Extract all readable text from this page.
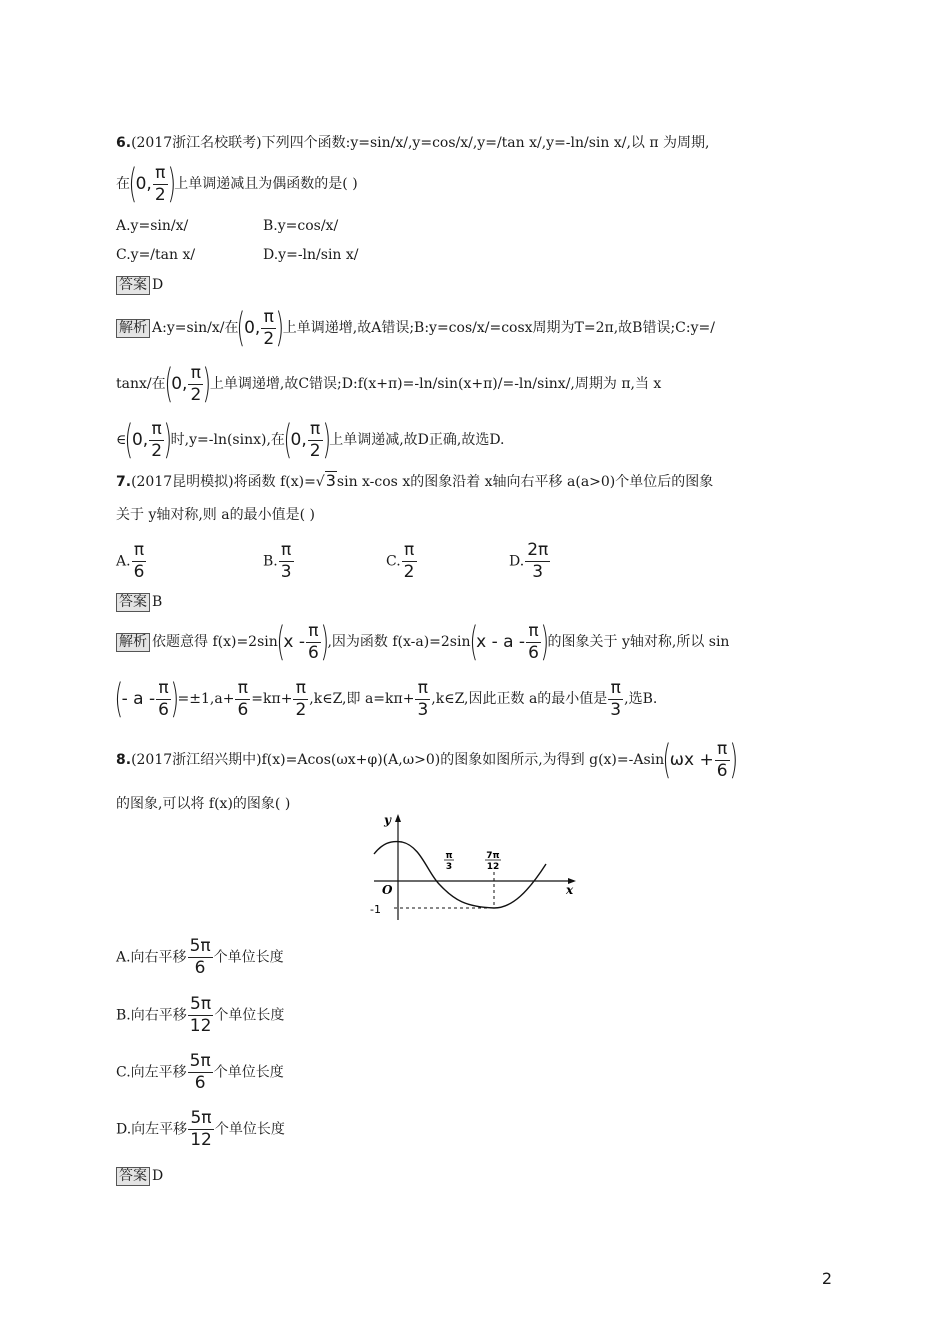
6.(2017浙江名校联考)下列四个函数:y=sin/x/,y=cos/x/,y=/tan x/,y=-ln/sin x/,以 π 为周期,
在(0, $\frac{\pi}{2}$ )上单调递减且为偶函数的是( )
A.y=sin/x/	B.y=cos/x/
C.y=/tan x/	D.y=-ln/sin x/
答案 D
解析 A:y=sin/x/在(0, $\frac{\pi}{2}$ )上单调递增,故A错误;B:y=cos/x/=cosx周期为T=2π,故B错误;C:y=/
tanx/在(0, $\frac{\pi}{2}$ )上单调递增,故C错误;D:f(x+π)=-ln/sin(x+π)/=-ln/sinx/,周期为 π,当 x
∈(0, $\frac{\pi}{2}$ )时,y=-ln(sinx),在(0, $\frac{\pi}{2}$ )上单调递减,故D正确,故选D.
7.(2017昆明模拟)将函数 f(x)=√3sin x-cos x的图象沿着 x轴向右平移 a(a>0)个单位后的图象
关于 y轴对称,则 a的最小值是( )
A. $\frac{\pi}{6}$	B. $\frac{\pi}{3}$	C. $\frac{\pi}{2}$	D. $\frac{2\pi}{3}$
答案 B
解析 依题意得 $f(x)=2\sin(x - \frac{\pi}{6}$ ),因为函数 $f(x-a)=2\sin(x - a - \frac{\pi}{6}$ )的图象关于 y轴对称,所以 sin
(- $a - \frac{\pi}{6} )=\pm 1,a+ \frac{\pi}{6} =k\pi+ \frac{\pi}{2}$ ,k∈Z,即 $a=k\pi+ \frac{\pi}{3}$ ,k∈Z,因此正数 a的最小值是 $\frac{\pi}{3}$ ,选B.
8.(2017浙江绍兴期中)f(x)=Acos(ωx+φ)(A,ω>0)的图象如图所示,为得到 $g(x)=-Asin(\omega x + \frac{\pi}{6}$ )
的图象,可以将 f(x)的图象( )
y
x
O
-1
π
3
7π
12
A.向右平移 $\frac{5\pi}{6}$ 个单位长度
B.向右平移 $\frac{5\pi}{12}$ 个单位长度
C.向左平移 $\frac{5\pi}{6}$ 个单位长度
D.向左平移 $\frac{5\pi}{12}$ 个单位长度
答案 D
2
